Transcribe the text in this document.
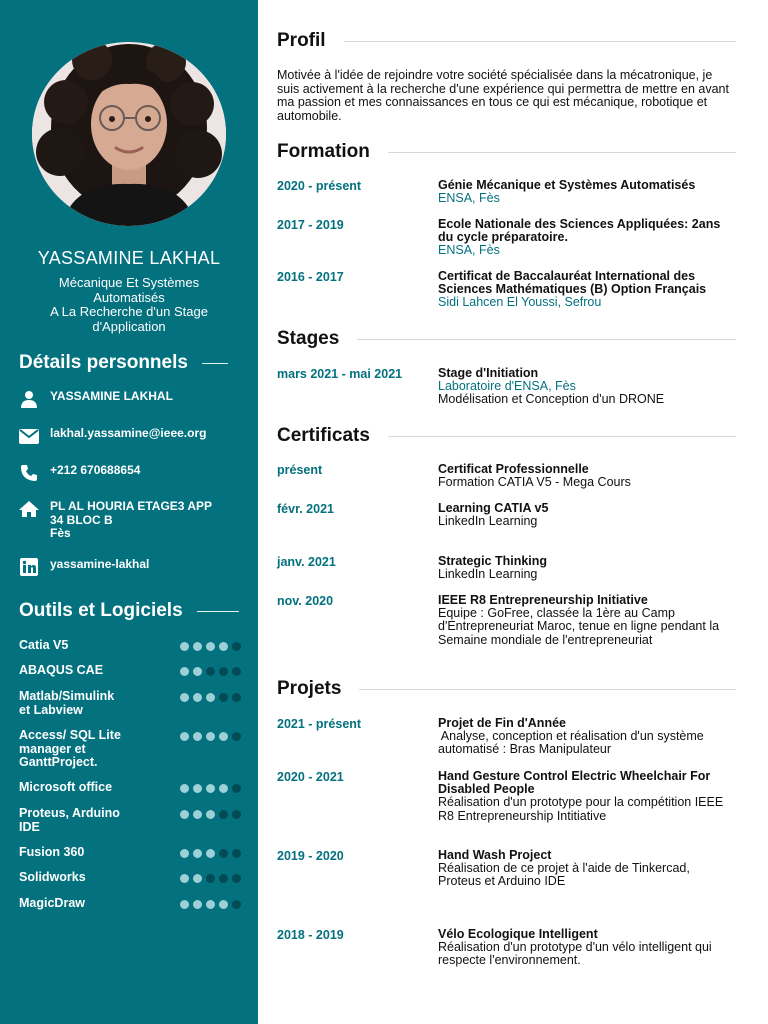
YASSAMINE LAKHAL
Mécanique Et Systèmes
Automatisés
A La Recherche d'un Stage
d'Application
Détails personnels
YASSAMINE LAKHAL
lakhal.yassamine@ieee.org
+212 670688654
PL AL HOURIA ETAGE3 APP
34 BLOC B
Fès
yassamine-lakhal
Outils et Logiciels
Catia V5
ABAQUS CAE
Matlab/Simulink
et Labview
Access/ SQL Lite
manager et
GanttProject.
Microsoft office
Proteus, Arduino
IDE
Fusion 360
Solidworks
MagicDraw
Profil
Motivée à l'idée de rejoindre votre société spécialisée dans la mécatronique, je suis activement à la recherche d'une expérience qui permettra de mettre en avant ma passion et mes connaissances en tous ce qui est mécanique, robotique et automobile.
Formation
2020 - présent	Génie Mécanique et Systèmes Automatisés
ENSA, Fès
2017 - 2019	Ecole Nationale des Sciences Appliquées: 2ans
du cycle préparatoire.
ENSA, Fès
2016 - 2017	Certificat de Baccalauréat International des
Sciences Mathématiques (B) Option Français
Sidi Lahcen El Youssi, Sefrou
Stages
mars 2021 - mai 2021	Stage d'Initiation
Laboratoire d'ENSA, Fès
Modélisation et Conception d'un DRONE
Certificats
présent	Certificat Professionnelle
Formation CATIA V5 - Mega Cours
févr. 2021	Learning CATIA v5
LinkedIn Learning
janv. 2021	Strategic Thinking
LinkedIn Learning
nov. 2020	IEEE R8 Entrepreneurship Initiative
Equipe : GoFree, classée la 1ère au Camp
d'Entrepreneuriat Maroc, tenue en ligne pendant la
Semaine mondiale de l'entrepreneuriat
Projets
2021 - présent	Projet de Fin d'Année
Analyse, conception et réalisation d'un système
automatisé : Bras Manipulateur
2020 - 2021	Hand Gesture Control Electric Wheelchair For
Disabled People
Réalisation d'un prototype pour la compétition IEEE
R8 Entrepreneurship Intitiative
2019 - 2020	Hand Wash Project
Réalisation de ce projet à l'aide de Tinkercad,
Proteus et Arduino IDE
2018 - 2019	Vélo Ecologique Intelligent
Réalisation d'un prototype d'un vélo intelligent qui
respecte l'environnement.
